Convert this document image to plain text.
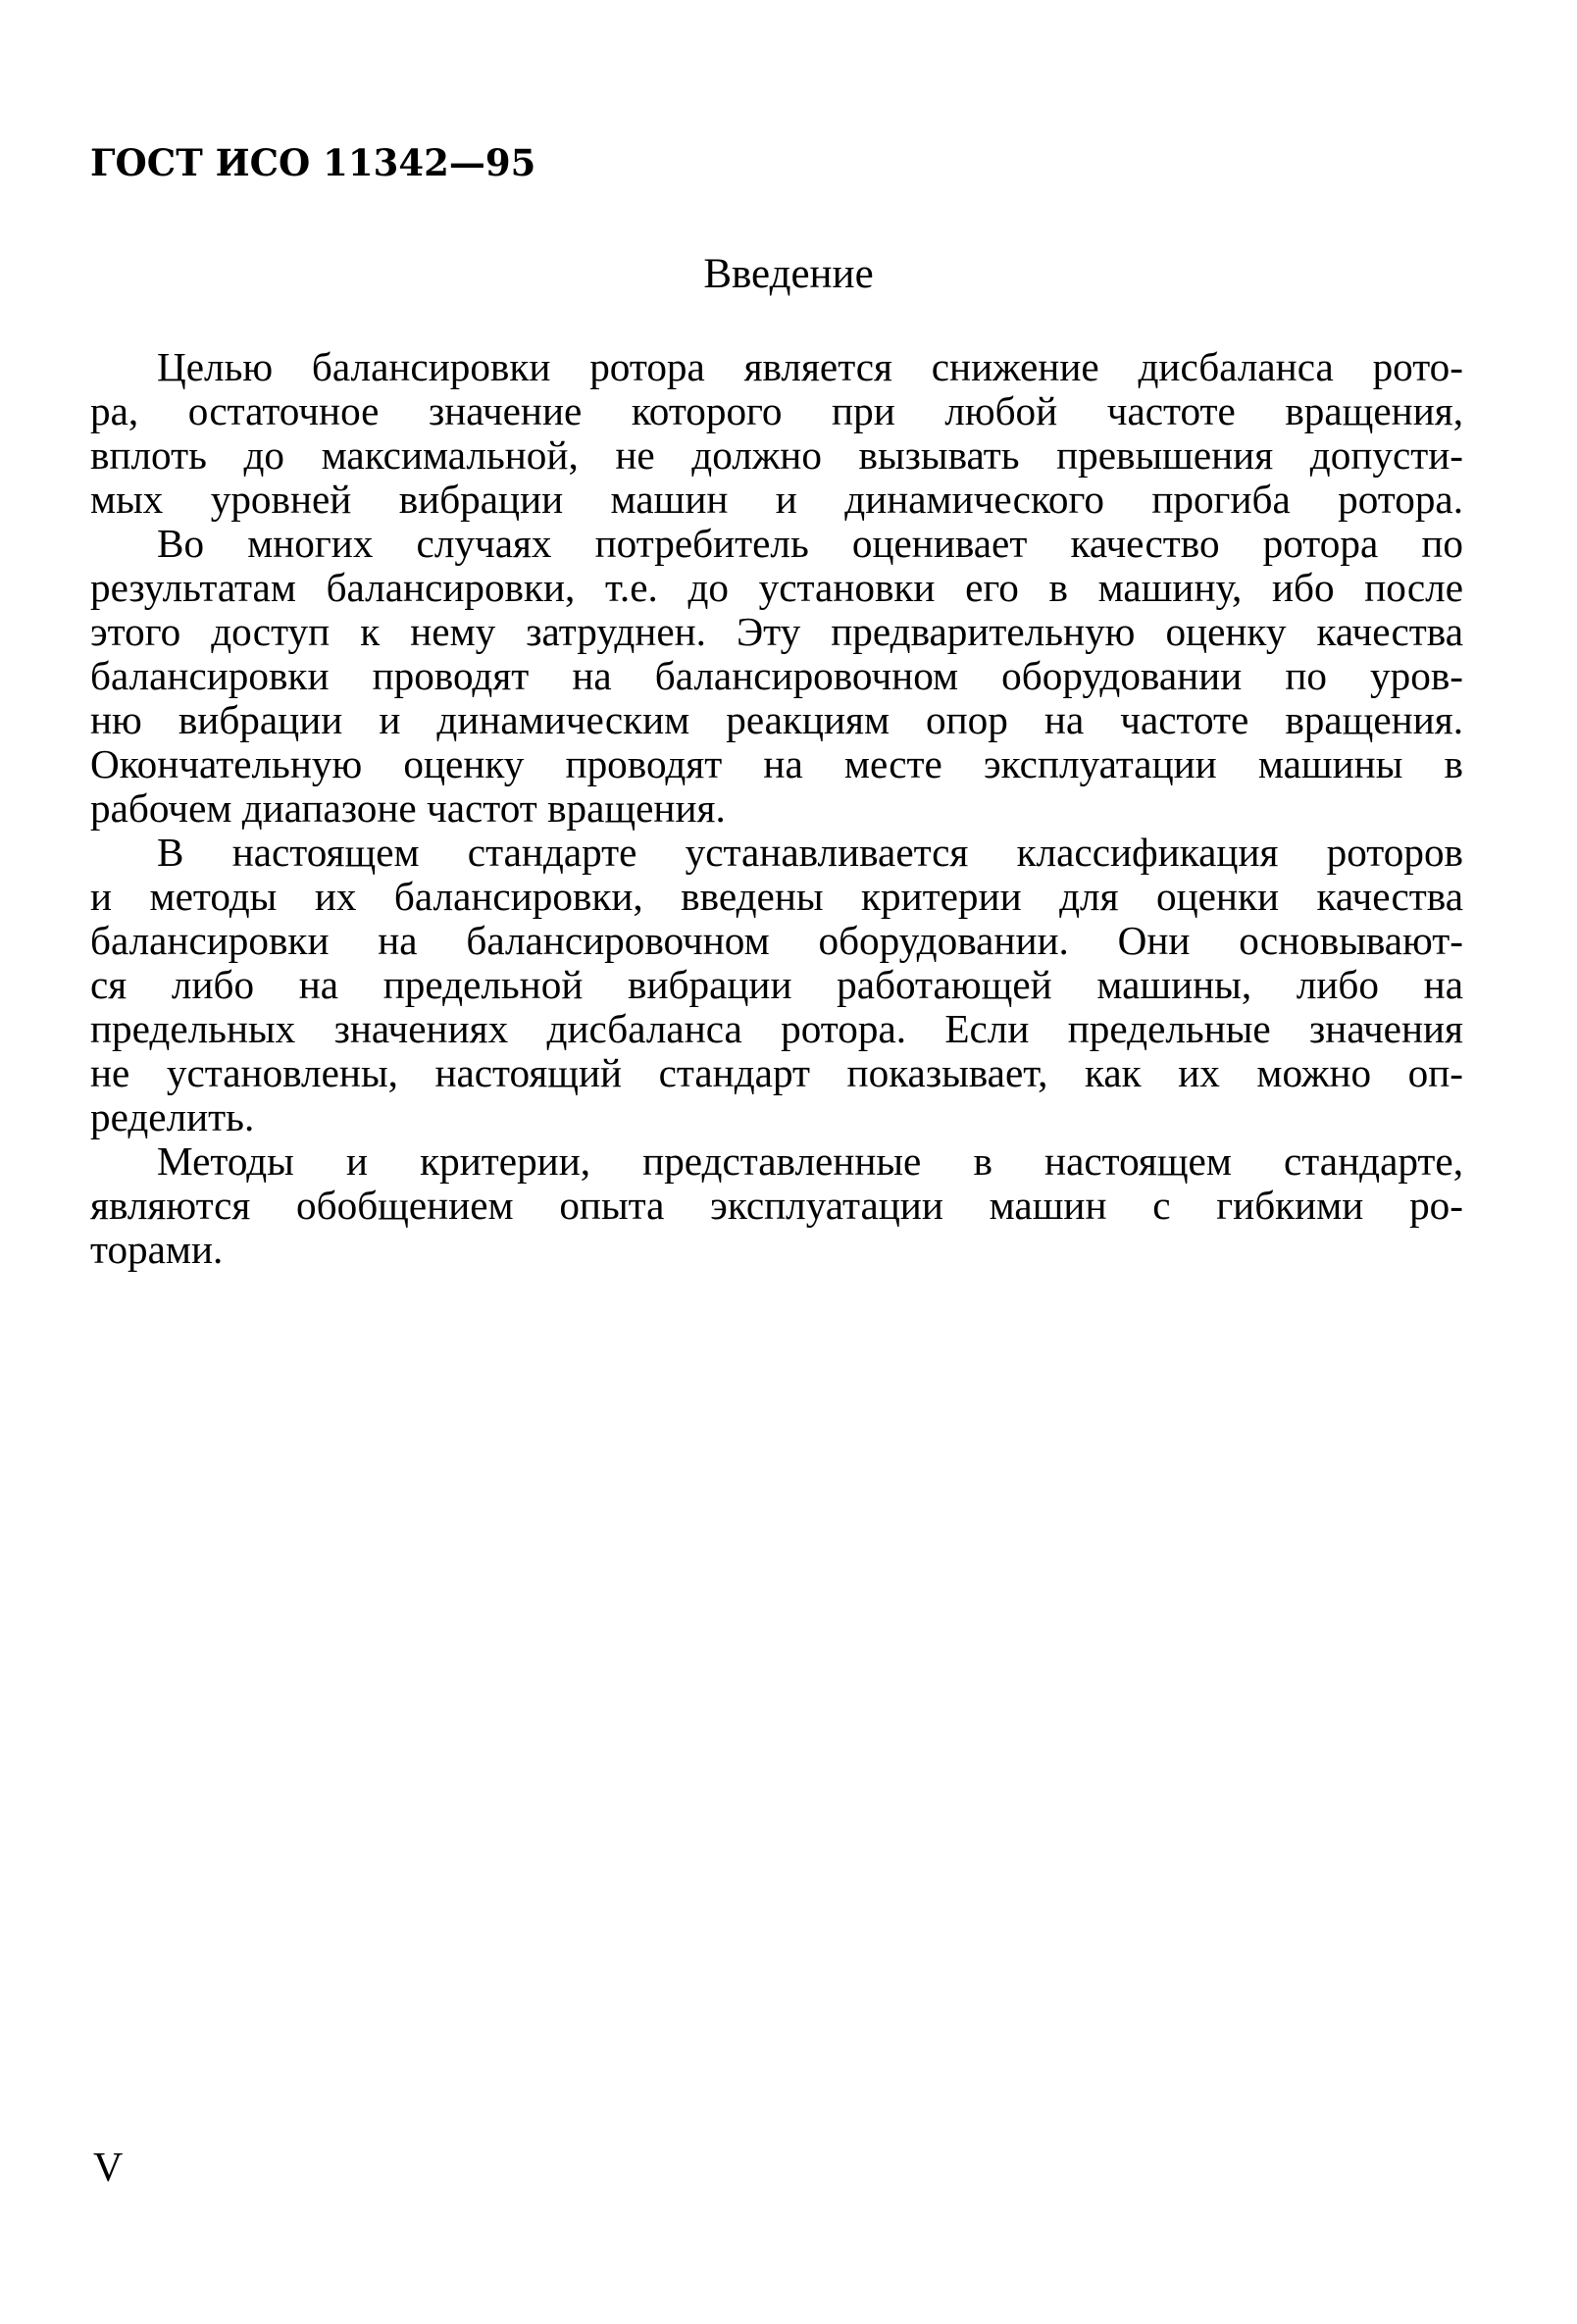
ГОСТ ИСО 11342—95
Введение
Целью балансировки ротора является снижение дисбаланса рото-
ра, остаточное значение которого при любой частоте вращения,
вплоть до максимальной, не должно вызывать превышения допусти-
мых уровней вибрации машин и динамического прогиба ротора.
Во многих случаях потребитель оценивает качество ротора по
результатам балансировки, т.е. до установки его в машину, ибо после
этого доступ к нему затруднен. Эту предварительную оценку качества
балансировки проводят на балансировочном оборудовании по уров-
ню вибрации и динамическим реакциям опор на частоте вращения.
Окончательную оценку проводят на месте эксплуатации машины в
рабочем диапазоне частот вращения.
В настоящем стандарте устанавливается классификация роторов
и методы их балансировки, введены критерии для оценки качества
балансировки на балансировочном оборудовании. Они основывают-
ся либо на предельной вибрации работающей машины, либо на
предельных значениях дисбаланса ротора. Если предельные значения
не установлены, настоящий стандарт показывает, как их можно оп-
ределить.
Методы и критерии, представленные в настоящем стандарте,
являются обобщением опыта эксплуатации машин с гибкими ро-
торами.
V
